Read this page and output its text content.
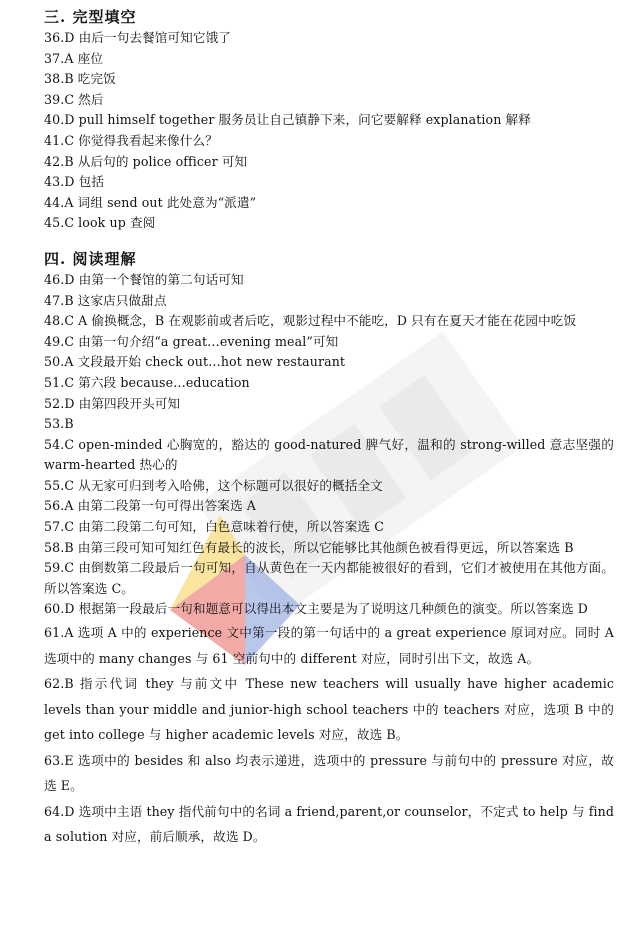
三. 完型填空
36.D 由后一句去餐馆可知它饿了
37.A 座位
38.B 吃完饭
39.C 然后
40.D pull himself together 服务员让自己镇静下来，问它要解释 explanation 解释
41.C 你觉得我看起来像什么？
42.B 从后句的 police officer 可知
43.D 包括
44.A 词组 send out 此处意为“派遣”
45.C look up 查阅
四. 阅读理解
46.D 由第一个餐馆的第二句话可知
47.B 这家店只做甜点
48.C A 偷换概念，B 在观影前或者后吃，观影过程中不能吃，D 只有在夏天才能在花园中吃饭
49.C 由第一句介绍“a great…evening meal”可知
50.A 文段最开始 check out…hot new restaurant
51.C 第六段 because…education
52.D 由第四段开头可知
53.B
54.C open-minded 心胸宽的，豁达的 good-natured 脾气好，温和的 strong-willed 意志坚强的 warm-hearted 热心的
55.C 从无家可归到考入哈佛，这个标题可以很好的概括全文
56.A 由第二段第一句可得出答案选 A
57.C 由第二段第二句可知，白色意味着行使，所以答案选 C
58.B 由第三段可知可知红色有最长的波长，所以它能够比其他颜色被看得更远，所以答案选 B
59.C 由倒数第二段最后一句可知，自从黄色在一天内都能被很好的看到，它们才被使用在其他方面。所以答案选 C。
60.D 根据第一段最后一句和题意可以得出本文主要是为了说明这几种颜色的演变。所以答案选 D
61.A 选项 A 中的 experience 文中第一段的第一句话中的 a great experience 原词对应。同时 A 选项中的 many changes 与 61 空前句中的 different 对应，同时引出下文，故选 A。
62.B 指示代词 they 与前文中 These new teachers will usually have higher academic levels than your middle and junior-high school teachers 中的 teachers 对应，选项 B 中的 get into college 与 higher academic levels 对应，故选 B。
63.E 选项中的 besides 和 also 均表示递进，选项中的 pressure 与前句中的 pressure 对应，故选 E。
64.D 选项中主语 they 指代前句中的名词 a friend,parent,or counselor，不定式 to help 与 find a solution 对应，前后顺承，故选 D。
